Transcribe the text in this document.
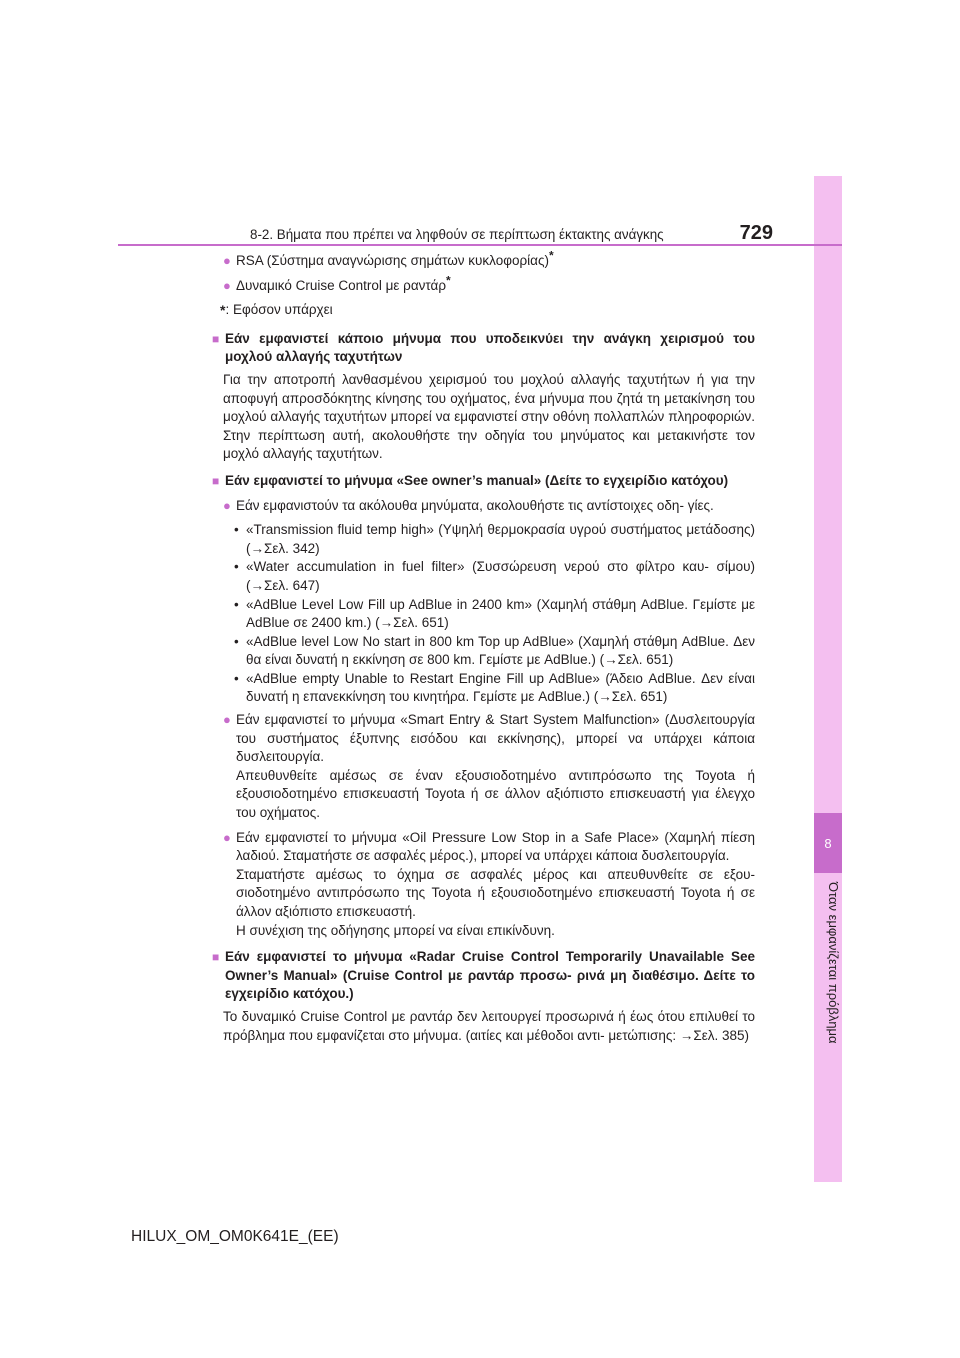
8
Όταν εμφανίζεται πρόβλημα
8-2. Βήματα που πρέπει να ληφθούν σε περίπτωση έκτακτης ανάγκης	729
● RSA (Σύστημα αναγνώρισης σημάτων κυκλοφορίας)*
● Δυναμικό Cruise Control με ραντάρ*
* : Εφόσον υπάρχει
■ Εάν εμφανιστεί κάποιο μήνυμα που υποδεικνύει την ανάγκη χειρισμού του μοχλού αλλαγής ταχυτήτων
Για την αποτροπή λανθασμένου χειρισμού του μοχλού αλλαγής ταχυτήτων ή για την αποφυγή απροσδόκητης κίνησης του οχήματος, ένα μήνυμα που ζητά τη μετακίνηση του μοχλού αλλαγής ταχυτήτων μπορεί να εμφανιστεί στην οθόνη πολλαπλών πληροφοριών. Στην περίπτωση αυτή, ακολουθήστε την οδηγία του μηνύματος και μετακινήστε τον μοχλό αλλαγής ταχυτήτων.
■ Εάν εμφανιστεί το μήνυμα «See owner’s manual» (Δείτε το εγχειρίδιο κατόχου)
● Εάν εμφανιστούν τα ακόλουθα μηνύματα, ακολουθήστε τις αντίστοιχες οδη- γίες.
• «Transmission fluid temp high» (Υψηλή θερμοκρασία υγρού συστήματος μετάδοσης) (→Σελ. 342)
• «Water accumulation in fuel filter» (Συσσώρευση νερού στο φίλτρο καυ- σίμου) (→Σελ. 647)
• «AdBlue Level Low Fill up AdBlue in 2400 km» (Χαμηλή στάθμη AdBlue. Γεμίστε με AdBlue σε 2400 km.) (→Σελ. 651)
• «AdBlue level Low No start in 800 km Top up AdBlue» (Χαμηλή στάθμη AdBlue. Δεν θα είναι δυνατή η εκκίνηση σε 800 km. Γεμίστε με AdBlue.) (→Σελ. 651)
• «AdBlue empty Unable to Restart Engine Fill up AdBlue» (Άδειο AdBlue. Δεν είναι δυνατή η επανεκκίνηση του κινητήρα. Γεμίστε με AdBlue.) (→Σελ. 651)
● Εάν εμφανιστεί το μήνυμα «Smart Entry & Start System Malfunction» (Δυσλειτουργία του συστήματος έξυπνης εισόδου και εκκίνησης), μπορεί να υπάρχει κάποια δυσλειτουργία.
Απευθυνθείτε αμέσως σε έναν εξουσιοδοτημένο αντιπρόσωπο της Toyota ή εξουσιοδοτημένο επισκευαστή Toyota ή σε άλλον αξιόπιστο επισκευαστή για έλεγχο του οχήματος.
● Εάν εμφανιστεί το μήνυμα «Oil Pressure Low Stop in a Safe Place» (Χαμηλή πίεση λαδιού. Σταματήστε σε ασφαλές μέρος.), μπορεί να υπάρχει κάποια δυσλειτουργία.
Σταματήστε αμέσως το όχημα σε ασφαλές μέρος και απευθυνθείτε σε εξου- σιοδοτημένο αντιπρόσωπο της Toyota ή εξουσιοδοτημένο επισκευαστή Toyota ή σε άλλον αξιόπιστο επισκευαστή.
Η συνέχιση της οδήγησης μπορεί να είναι επικίνδυνη.
■ Εάν εμφανιστεί το μήνυμα «Radar Cruise Control Temporarily Unavailable See Owner’s Manual» (Cruise Control με ραντάρ προσω- ρινά μη διαθέσιμο. Δείτε το εγχειρίδιο κατόχου.)
Το δυναμικό Cruise Control με ραντάρ δεν λειτουργεί προσωρινά ή έως ότου επιλυθεί το πρόβλημα που εμφανίζεται στο μήνυμα. (αιτίες και μέθοδοι αντι- μετώπισης: →Σελ. 385)
HILUX_OM_OM0K641E_(EE)
